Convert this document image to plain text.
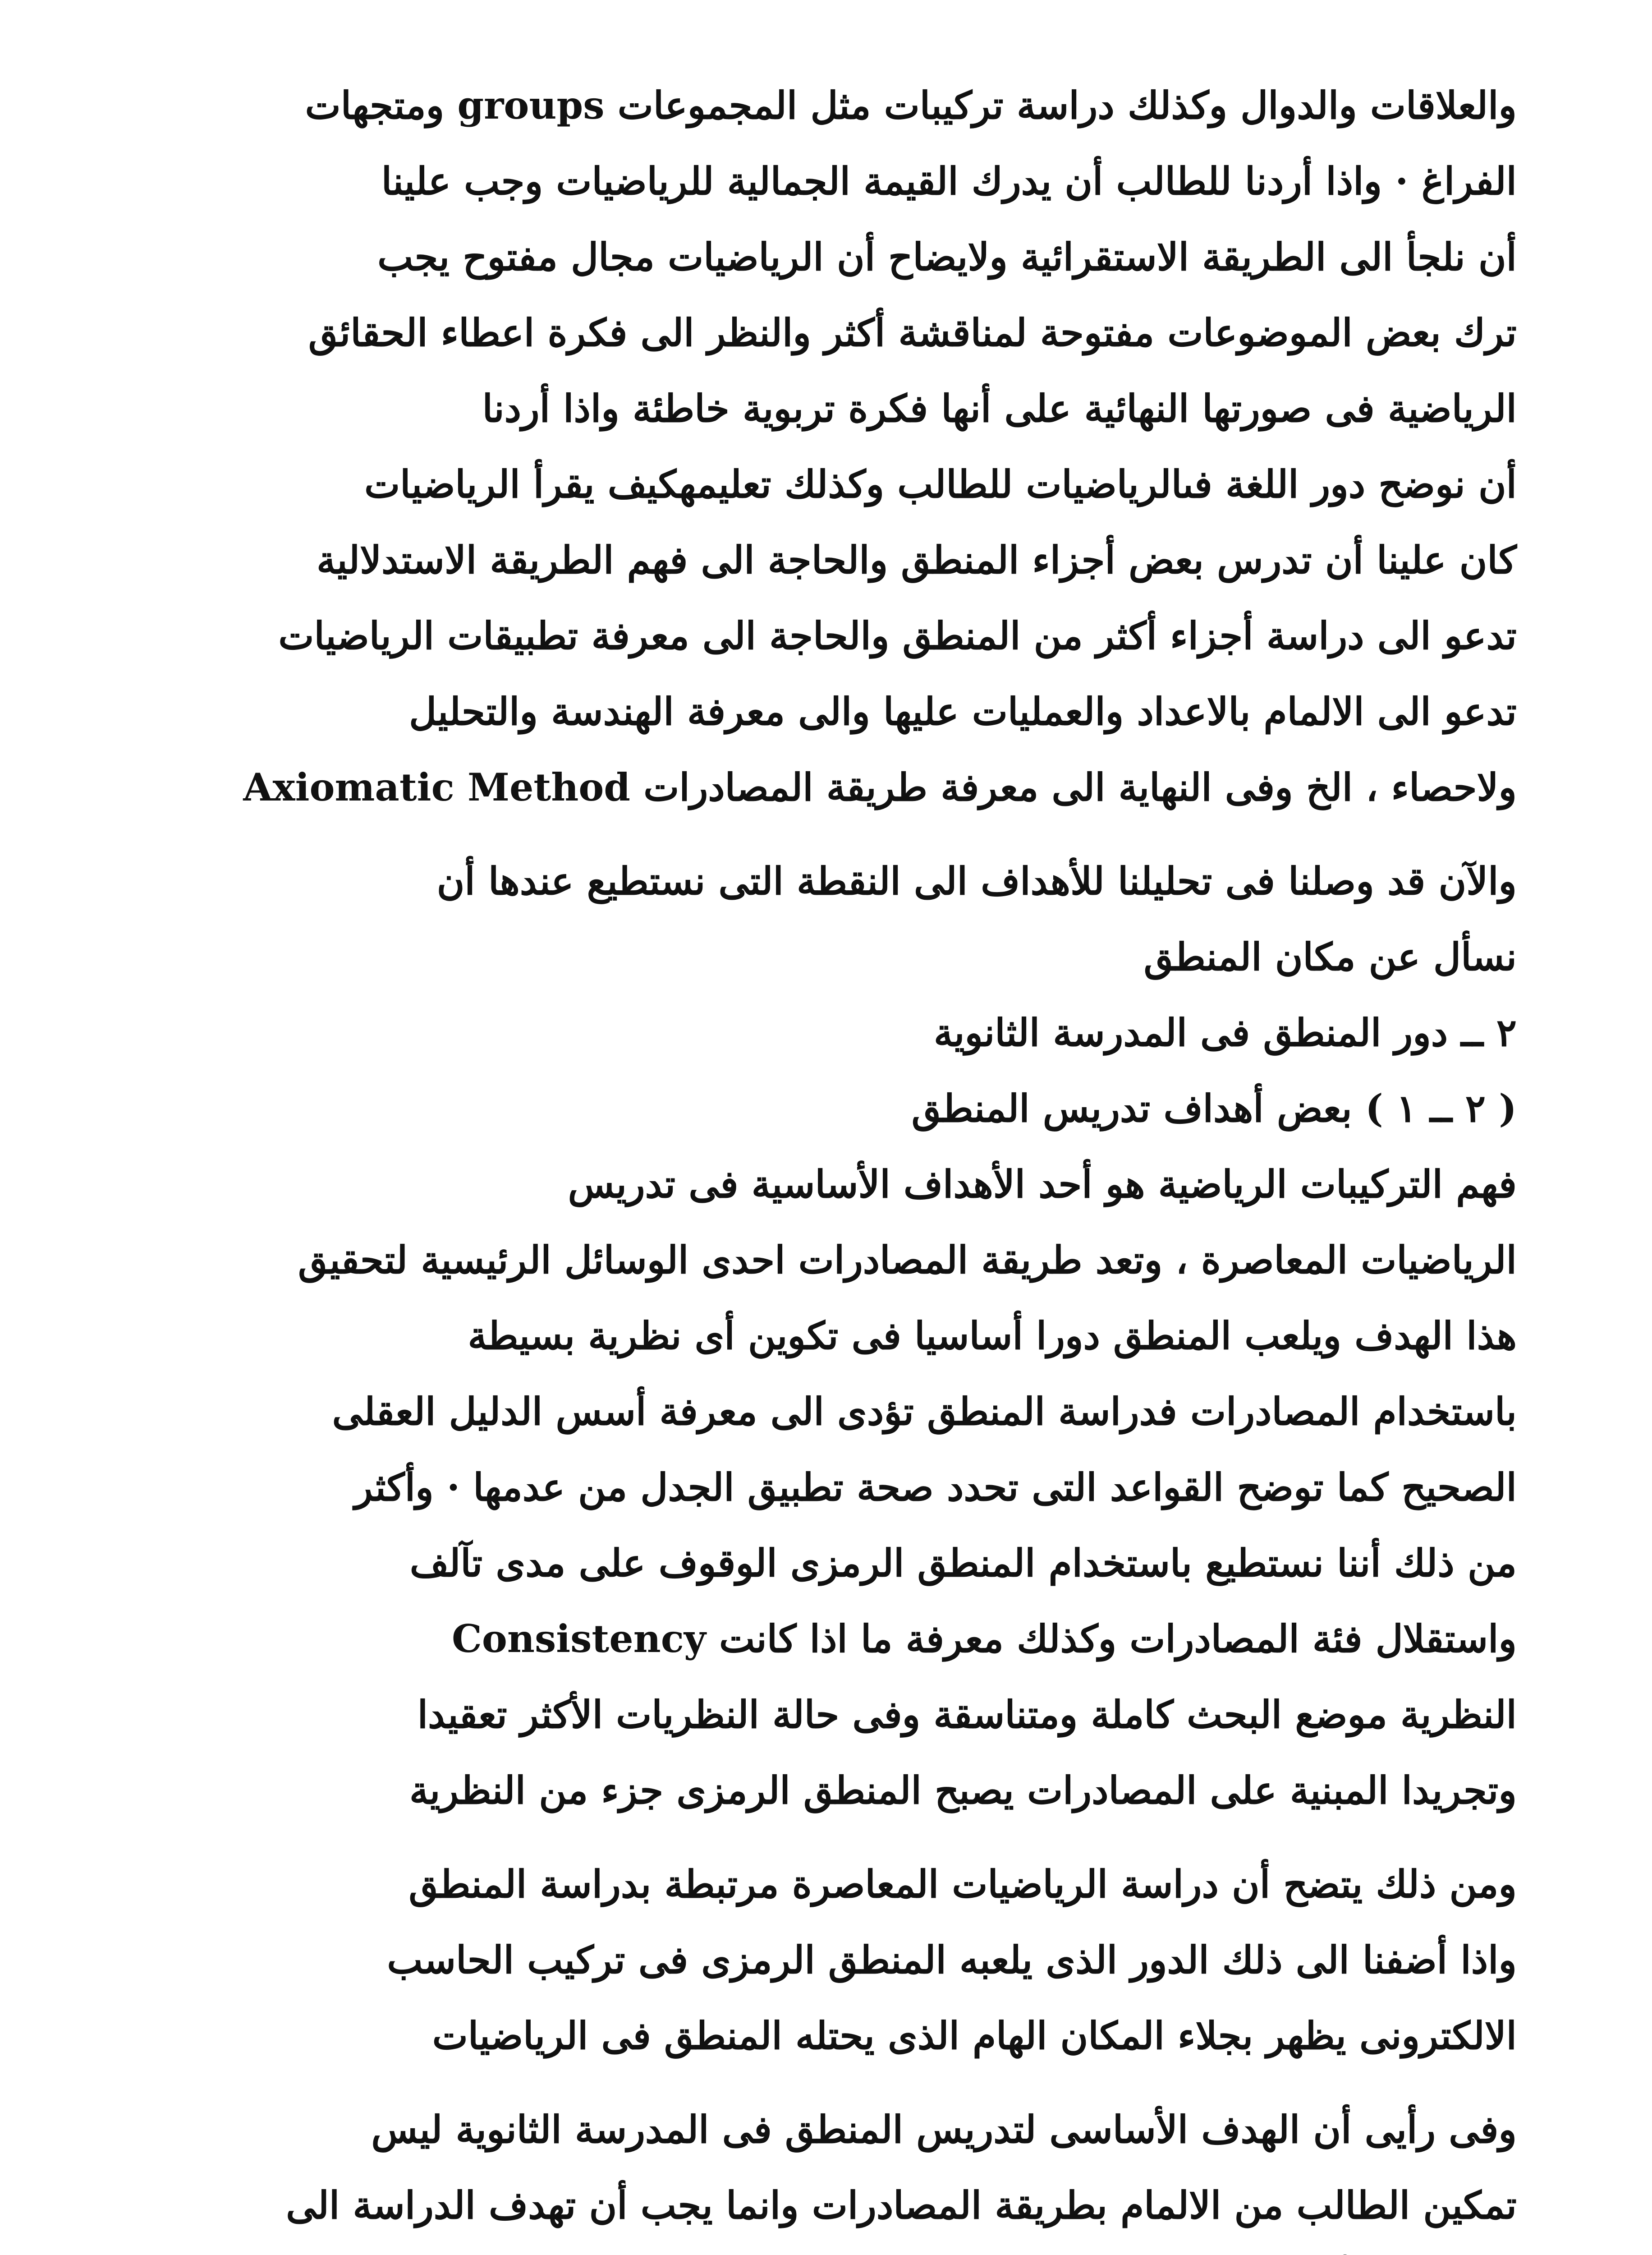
والعلاقات والدوال وكذلك دراسة تركيبات مثل المجموعات groups ومتجهات

الفراغ · واذا أردنا للطالب أن يدرك القيمة الجمالية للرياضيات وجب علينا

أن نلجأ الى الطريقة الاستقرائية ولايضاح أن الرياضيات مجال مفتوح يجب

ترك بعض الموضوعات مفتوحة لمناقشة أكثر والنظر الى فكرة اعطاء الحقائق

الرياضية فى صورتها النهائية على أنها فكرة تربوية خاطئة واذا أردنا

أن نوضح دور اللغة فىالرياضيات للطالب وكذلك تعليمهكيف يقرأ الرياضيات

كان علينا أن تدرس بعض أجزاء المنطق والحاجة الى فهم الطريقة الاستدلالية

تدعو الى دراسة أجزاء أكثر من المنطق والحاجة الى معرفة تطبيقات الرياضيات

تدعو الى الالمام بالاعداد والعمليات عليها والى معرفة الهندسة والتحليل

ولاحصاء ، الخ وفى النهاية الى معرفة طريقة المصادرات Axiomatic Method

والآن قد وصلنا فى تحليلنا للأهداف الى النقطة التى نستطيع عندها أن

نسأل عن مكان المنطق

٢ ــ دور المنطق فى المدرسة الثانوية
( ٢ ــ ١ ) بعض أهداف تدريس المنطق

فهم التركيبات الرياضية هو أحد الأهداف الأساسية فى تدريس

الرياضيات المعاصرة ، وتعد طريقة المصادرات احدى الوسائل الرئيسية لتحقيق

هذا الهدف ويلعب المنطق دورا أساسيا فى تكوين أى نظرية بسيطة

باستخدام المصادرات فدراسة المنطق تؤدى الى معرفة أسس الدليل العقلى

الصحيح كما توضح القواعد التى تحدد صحة تطبيق الجدل من عدمها · وأكثر

من ذلك أننا نستطيع باستخدام المنطق الرمزى الوقوف على مدى تآلف

واستقلال فئة المصادرات وكذلك معرفة ما اذا كانت Consistency

النظرية موضع البحث كاملة ومتناسقة وفى حالة النظريات الأكثر تعقيدا

وتجريدا المبنية على المصادرات يصبح المنطق الرمزى جزء من النظرية

ومن ذلك يتضح أن دراسة الرياضيات المعاصرة مرتبطة بدراسة المنطق

واذا أضفنا الى ذلك الدور الذى يلعبه المنطق الرمزى فى تركيب الحاسب

الالكترونى يظهر بجلاء المكان الهام الذى يحتله المنطق فى الرياضيات

وفى رأيى أن الهدف الأساسى لتدريس المنطق فى المدرسة الثانوية ليس

تمكين الطالب من الالمام بطريقة المصادرات وانما يجب أن تهدف الدراسة الى
